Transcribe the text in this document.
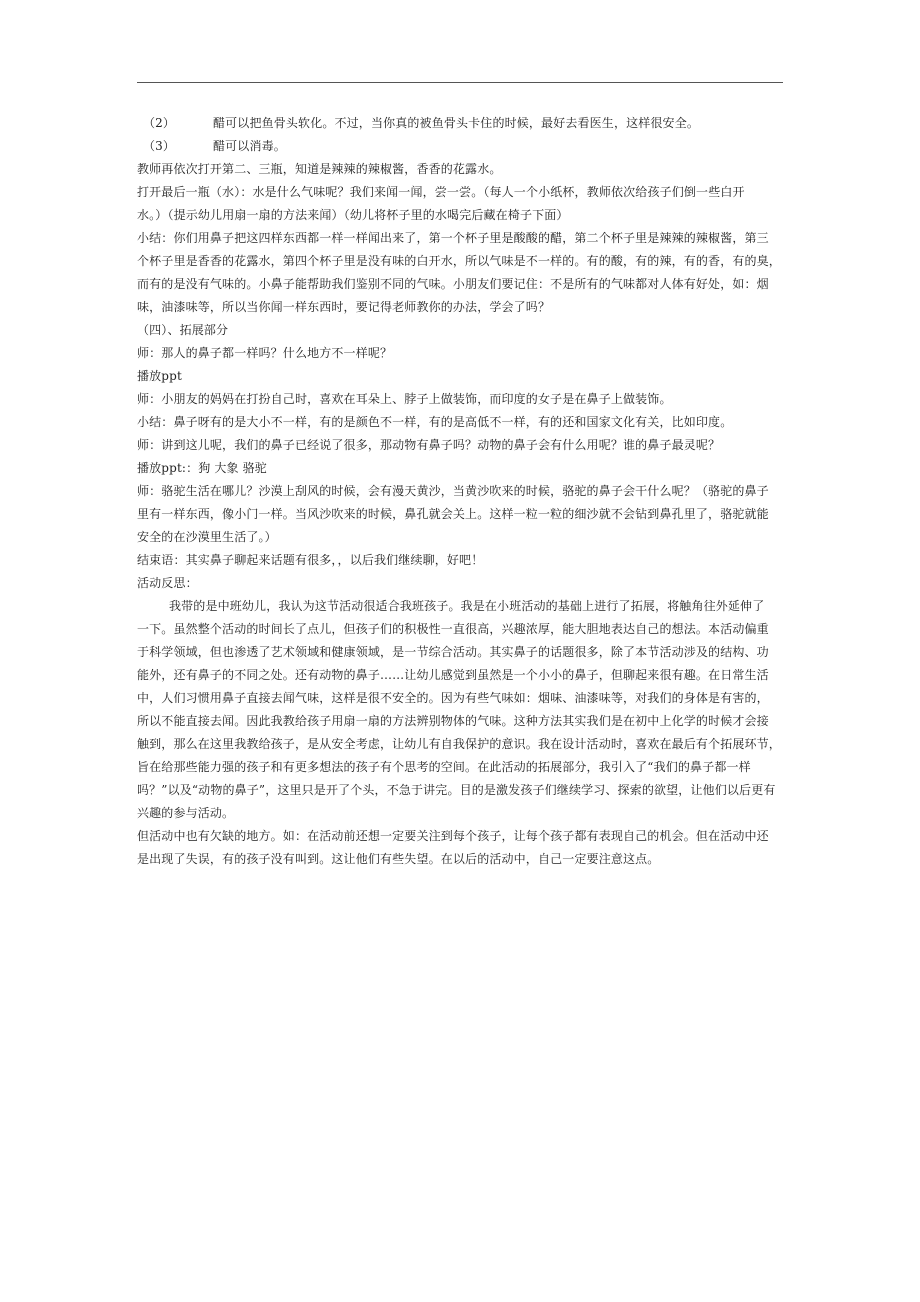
（2）	醋可以把鱼骨头软化。不过，当你真的被鱼骨头卡住的时候，最好去看医生，这样很安全。
（3）	醋可以消毒。
教师再依次打开第二、三瓶，知道是辣辣的辣椒酱，香香的花露水。
打开最后一瓶（水）：水是什么气味呢？我们来闻一闻，尝一尝。（每人一个小纸杯，教师依次给孩子们倒一些白开
水。）（提示幼儿用扇一扇的方法来闻）（幼儿将杯子里的水喝完后藏在椅子下面）
小结：你们用鼻子把这四样东西都一样一样闻出来了，第一个杯子里是酸酸的醋，第二个杯子里是辣辣的辣椒酱，第三
个杯子里是香香的花露水，第四个杯子里是没有味的白开水，所以气味是不一样的。有的酸，有的辣，有的香，有的臭，
而有的是没有气味的。小鼻子能帮助我们鉴别不同的气味。小朋友们要记住：不是所有的气味都对人体有好处，如：烟
味，油漆味等，所以当你闻一样东西时，要记得老师教你的办法，学会了吗？
（四）、拓展部分
师：那人的鼻子都一样吗？什么地方不一样呢？
播放ppt
师：小朋友的妈妈在打扮自己时，喜欢在耳朵上、脖子上做装饰，而印度的女子是在鼻子上做装饰。
小结：鼻子呀有的是大小不一样，有的是颜色不一样，有的是高低不一样，有的还和国家文化有关，比如印度。
师：讲到这儿呢，我们的鼻子已经说了很多，那动物有鼻子吗？动物的鼻子会有什么用呢？谁的鼻子最灵呢？
播放ppt:：狗 大象 骆驼
师：骆驼生活在哪儿？沙漠上刮风的时候，会有漫天黄沙，当黄沙吹来的时候，骆驼的鼻子会干什么呢？（骆驼的鼻子
里有一样东西，像小门一样。当风沙吹来的时候，鼻孔就会关上。这样一粒一粒的细沙就不会钻到鼻孔里了，骆驼就能
安全的在沙漠里生活了。）
结束语：其实鼻子聊起来话题有很多，，以后我们继续聊，好吧！
活动反思：
我带的是中班幼儿，我认为这节活动很适合我班孩子。我是在小班活动的基础上进行了拓展，将触角往外延伸了
一下。虽然整个活动的时间长了点儿，但孩子们的积极性一直很高，兴趣浓厚，能大胆地表达自己的想法。本活动偏重
于科学领域，但也渗透了艺术领域和健康领域，是一节综合活动。其实鼻子的话题很多，除了本节活动涉及的结构、功
能外，还有鼻子的不同之处。还有动物的鼻子……让幼儿感觉到虽然是一个小小的鼻子，但聊起来很有趣。在日常生活
中，人们习惯用鼻子直接去闻气味，这样是很不安全的。因为有些气味如：烟味、油漆味等，对我们的身体是有害的，
所以不能直接去闻。因此我教给孩子用扇一扇的方法辨别物体的气味。这种方法其实我们是在初中上化学的时候才会接
触到，那么在这里我教给孩子，是从安全考虑，让幼儿有自我保护的意识。我在设计活动时，喜欢在最后有个拓展环节，
旨在给那些能力强的孩子和有更多想法的孩子有个思考的空间。在此活动的拓展部分，我引入了“我们的鼻子都一样
吗？”以及“动物的鼻子”，这里只是开了个头，不急于讲完。目的是激发孩子们继续学习、探索的欲望，让他们以后更有
兴趣的参与活动。
但活动中也有欠缺的地方。如：在活动前还想一定要关注到每个孩子，让每个孩子都有表现自己的机会。但在活动中还
是出现了失误，有的孩子没有叫到。这让他们有些失望。在以后的活动中，自己一定要注意这点。
